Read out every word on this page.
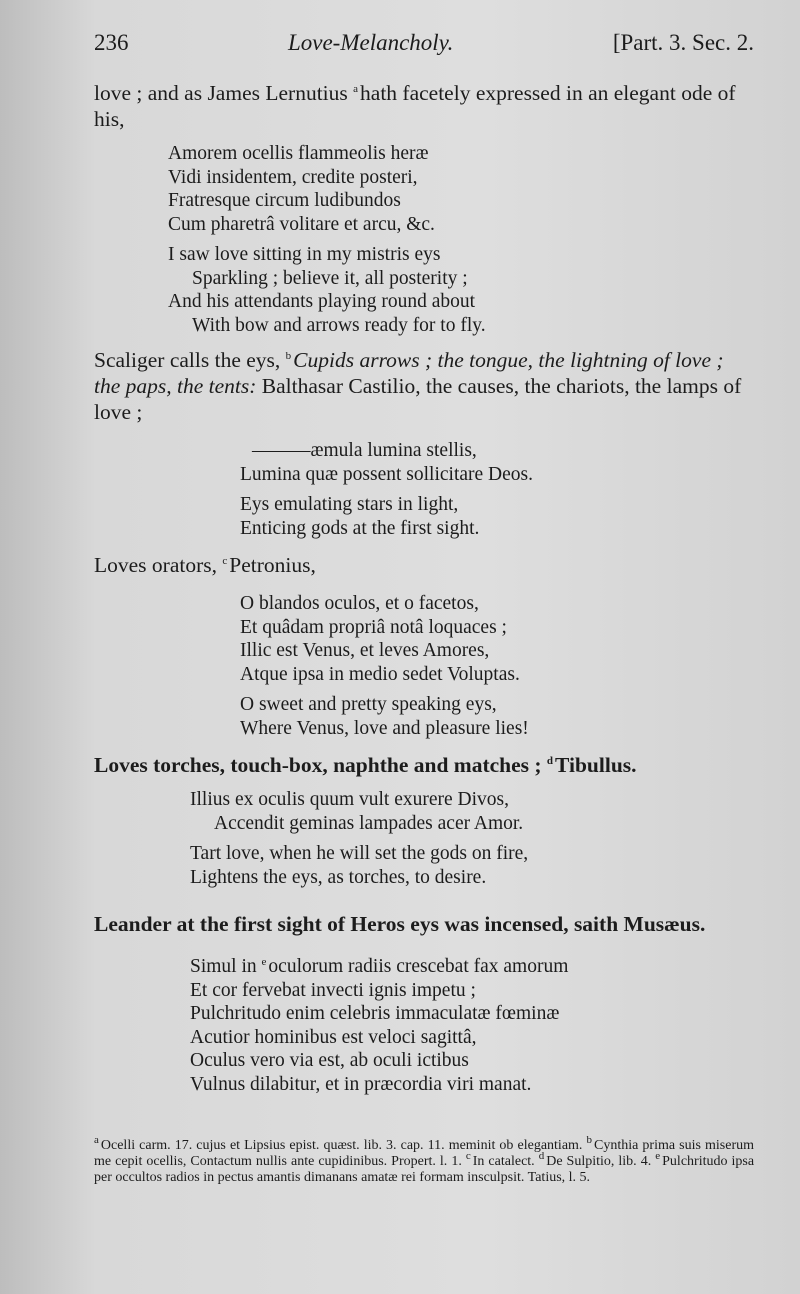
236	Love-Melancholy.	[Part. 3. Sec. 2.

love ; and as James Lernutius $^a$hath facetely expressed in an elegant ode of his,

Amorem ocellis flammeolis heræ
Vidi insidentem, credite posteri,
Fratresque circum ludibundos
Cum pharetrâ volitare et arcu, &c.
I saw love sitting in my mistris eys
Sparkling ; believe it, all posterity ;
And his attendants playing round about
With bow and arrows ready for to fly.

Scaliger calls the eys, $^b$Cupids arrows ; the tongue, the lightning of love ; the paps, the tents: Balthasar Castilio, the causes, the chariots, the lamps of love ;

———æmula lumina stellis,
Lumina quæ possent sollicitare Deos.
Eys emulating stars in light,
Enticing gods at the first sight.

Loves orators, $^c$Petronius,

O blandos oculos, et o facetos,
Et quâdam propriâ notâ loquaces ;
Illic est Venus, et leves Amores,
Atque ipsa in medio sedet Voluptas.
O sweet and pretty speaking eys,
Where Venus, love and pleasure lies!

Loves torches, touch-box, naphthe and matches ; $^d$Tibullus.

Illius ex oculis quum vult exurere Divos,
Accendit geminas lampades acer Amor.
Tart love, when he will set the gods on fire,
Lightens the eys, as torches, to desire.

Leander at the first sight of Heros eys was incensed, saith Musæus.

Simul in $^e$ oculorum radiis crescebat fax amorum
Et cor fervebat invecti ignis impetu ;
Pulchritudo enim celebris immaculatæ fœminæ
Acutior hominibus est veloci sagittâ,
Oculus vero via est, ab oculi ictibus
Vulnus dilabitur, et in præcordia viri manat.

$^a$ Ocelli carm. 17. cujus et Lipsius epist. quæst. lib. 3. cap. 11. meminit ob elegantiam. $^b$ Cynthia prima suis miserum me cepit ocellis, Contactum nullis ante cupidinibus. Propert. l. 1. $^c$ In catalect. $^d$ De Sulpitio, lib. 4. $^e$ Pulchritudo ipsa per occultos radios in pectus amantis dimanans amatæ rei formam insculpsit. Tatius, l. 5.
